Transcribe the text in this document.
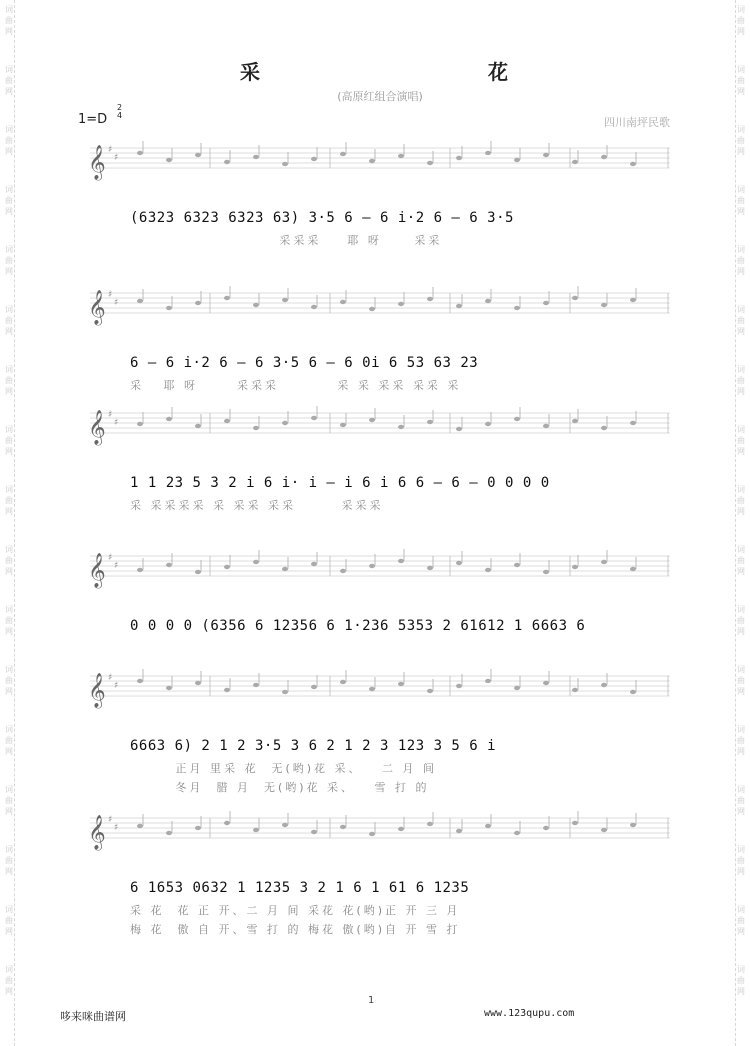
词
曲
网
词
曲
网
词
曲
网
词
曲
网
词
曲
网
词
曲
网
词
曲
网
词
曲
网
词
曲
网
词
曲
网
词
曲
网
词
曲
网
词
曲
网
词
曲
网
词
曲
网
词
曲
网
词
曲
网
词
曲
网
词
曲
网
词
曲
网
词
曲
网
词
曲
网
词
曲
网
词
曲
网
词
曲
网
词
曲
网
词
曲
网
词
曲
网
词
曲
网
词
曲
网
词
曲
网
词
曲
网
词
曲
网
词
曲
网
采	花
(高原红组合演唱)
1=D
2
4
四川南坪民歌
𝄞 ♯
♯
(6323 6323 6323 63) 3·5 6 — 6 i·2 6 — 6 3·5
采采采    耶 呀     采采
𝄞 ♯
♯
6 — 6 i·2 6 — 6 3·5 6 — 6 0i 6 53 63 23
采   耶 呀      采采采         采 采 采采 采采 采
𝄞 ♯
♯
1 1 23 5 3 2 i 6 i· i — i 6 i 6 6 — 6 — 0 0 0 0
采 采采采采 采 采采 采采       采采采
𝄞 ♯
♯
0 0 0 0 (6356 6 12356 6 1·236 5353 2 61612 1 6663 6
𝄞 ♯
♯
6663 6) 2 1 2 3·5 3 6 2 1 2 3 123 3 5 6 i
正月 里采 花  无(哟)花 采、   二 月 间
冬月  腊 月  无(哟)花 采、   雪 打 的
𝄞 ♯
♯
6 1653 0632 1 1235 3 2 1 6 1 61 6 1235
采 花  花 正 开、二 月 间 采花 花(哟)正 开 三 月
梅 花  傲 自 开、雪 打 的 梅花 傲(哟)自 开 雪 打
1
哆来咪曲谱网	www.123qupu.com
